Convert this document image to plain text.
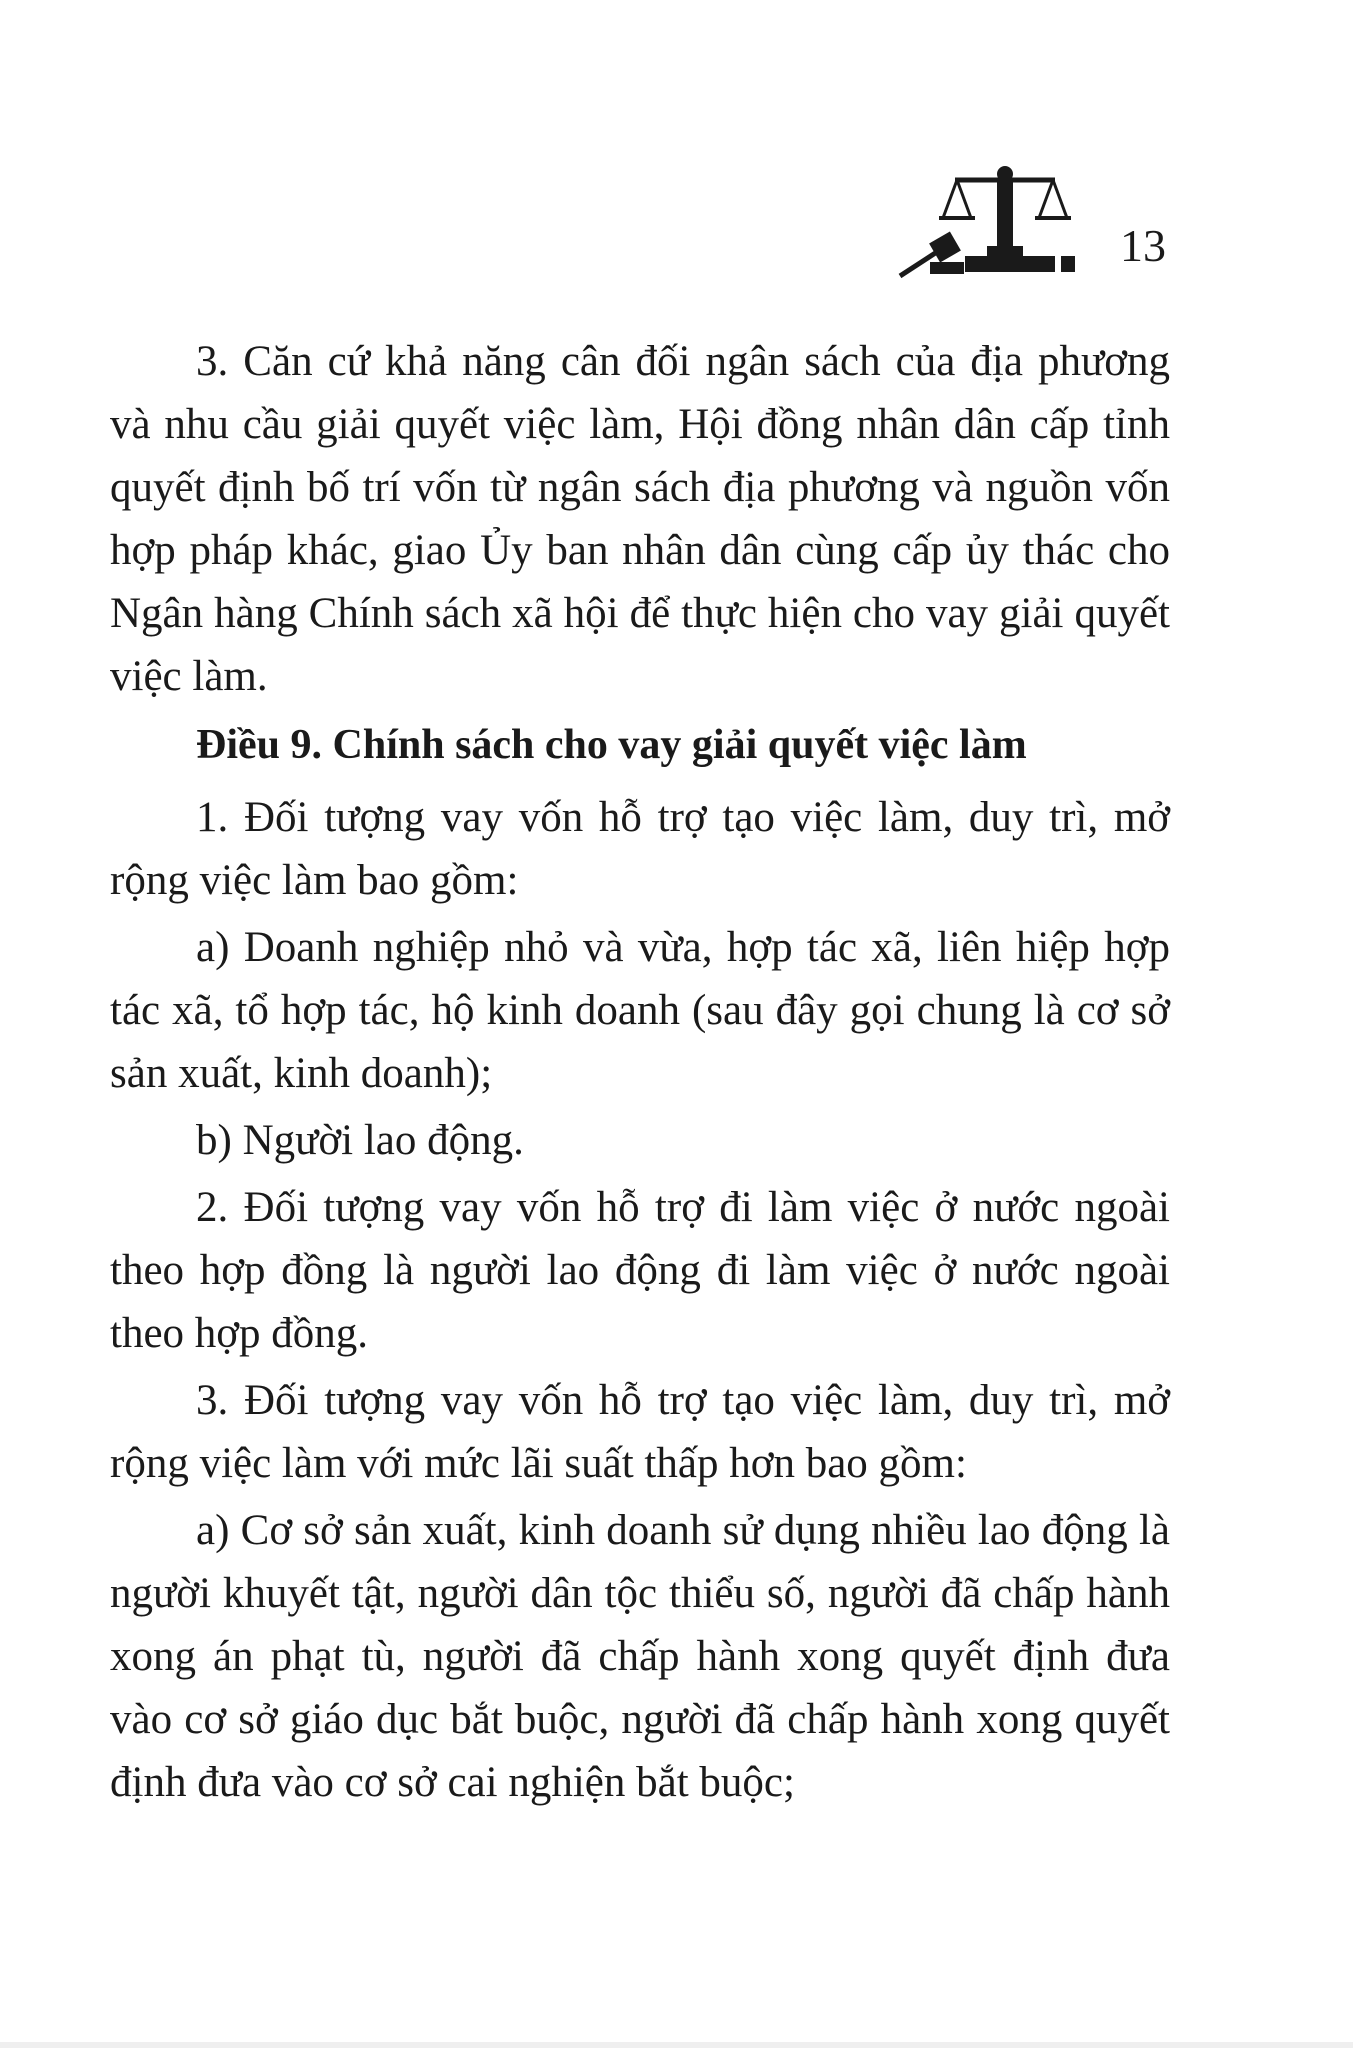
13

3. Căn cứ khả năng cân đối ngân sách của địa phương và nhu cầu giải quyết việc làm, Hội đồng nhân dân cấp tỉnh quyết định bố trí vốn từ ngân sách địa phương và nguồn vốn hợp pháp khác, giao Ủy ban nhân dân cùng cấp ủy thác cho Ngân hàng Chính sách xã hội để thực hiện cho vay giải quyết việc làm.

Điều 9. Chính sách cho vay giải quyết việc làm

1. Đối tượng vay vốn hỗ trợ tạo việc làm, duy trì, mở rộng việc làm bao gồm:

a) Doanh nghiệp nhỏ và vừa, hợp tác xã, liên hiệp hợp tác xã, tổ hợp tác, hộ kinh doanh (sau đây gọi chung là cơ sở sản xuất, kinh doanh);

b) Người lao động.

2. Đối tượng vay vốn hỗ trợ đi làm việc ở nước ngoài theo hợp đồng là người lao động đi làm việc ở nước ngoài theo hợp đồng.

3. Đối tượng vay vốn hỗ trợ tạo việc làm, duy trì, mở rộng việc làm với mức lãi suất thấp hơn bao gồm:

a) Cơ sở sản xuất, kinh doanh sử dụng nhiều lao động là người khuyết tật, người dân tộc thiểu số, người đã chấp hành xong án phạt tù, người đã chấp hành xong quyết định đưa vào cơ sở giáo dục bắt buộc, người đã chấp hành xong quyết định đưa vào cơ sở cai nghiện bắt buộc;
